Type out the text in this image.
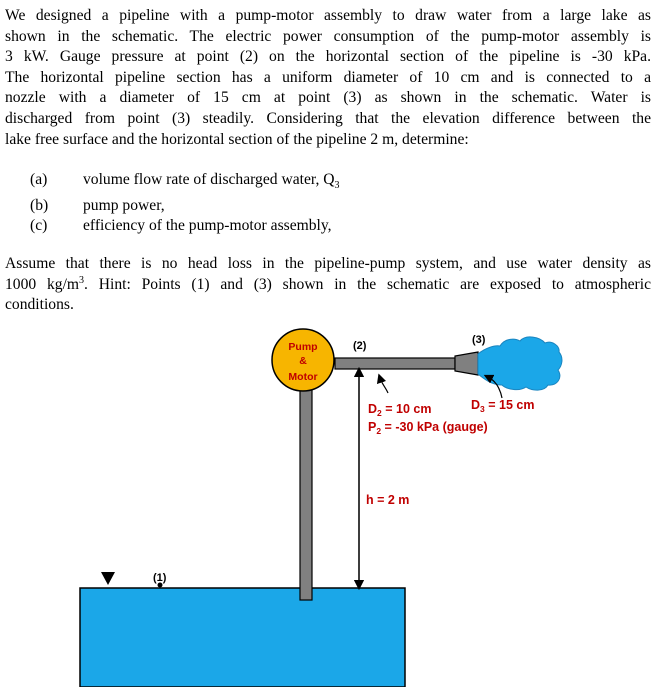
We designed a pipeline with a pump-motor assembly to draw water from a large lake as
shown in the schematic. The electric power consumption of the pump-motor assembly is
3 kW. Gauge pressure at point (2) on the horizontal section of the pipeline is -30 kPa.
The horizontal pipeline section has a uniform diameter of 10 cm and is connected to a
nozzle with a diameter of 15 cm at point (3) as shown in the schematic. Water is
discharged from point (3) steadily. Considering that the elevation difference between the
lake free surface and the horizontal section of the pipeline 2 m, determine:
(a)	volume flow rate of discharged water, $Q_3$
(b)	pump power,
(c)	efficiency of the pump-motor assembly,
Assume that there is no head loss in the pipeline-pump system, and use water density as
1000 $kg/m^3$. Hint: Points (1) and (3) shown in the schematic are exposed to atmospheric
conditions.
(1)
Pump
&
Motor
(2)	(3)
$D_2 = 10$ cm
$P_2 = -30$ kPa (gauge)
$D_3 = 15$ cm
h = 2 m
